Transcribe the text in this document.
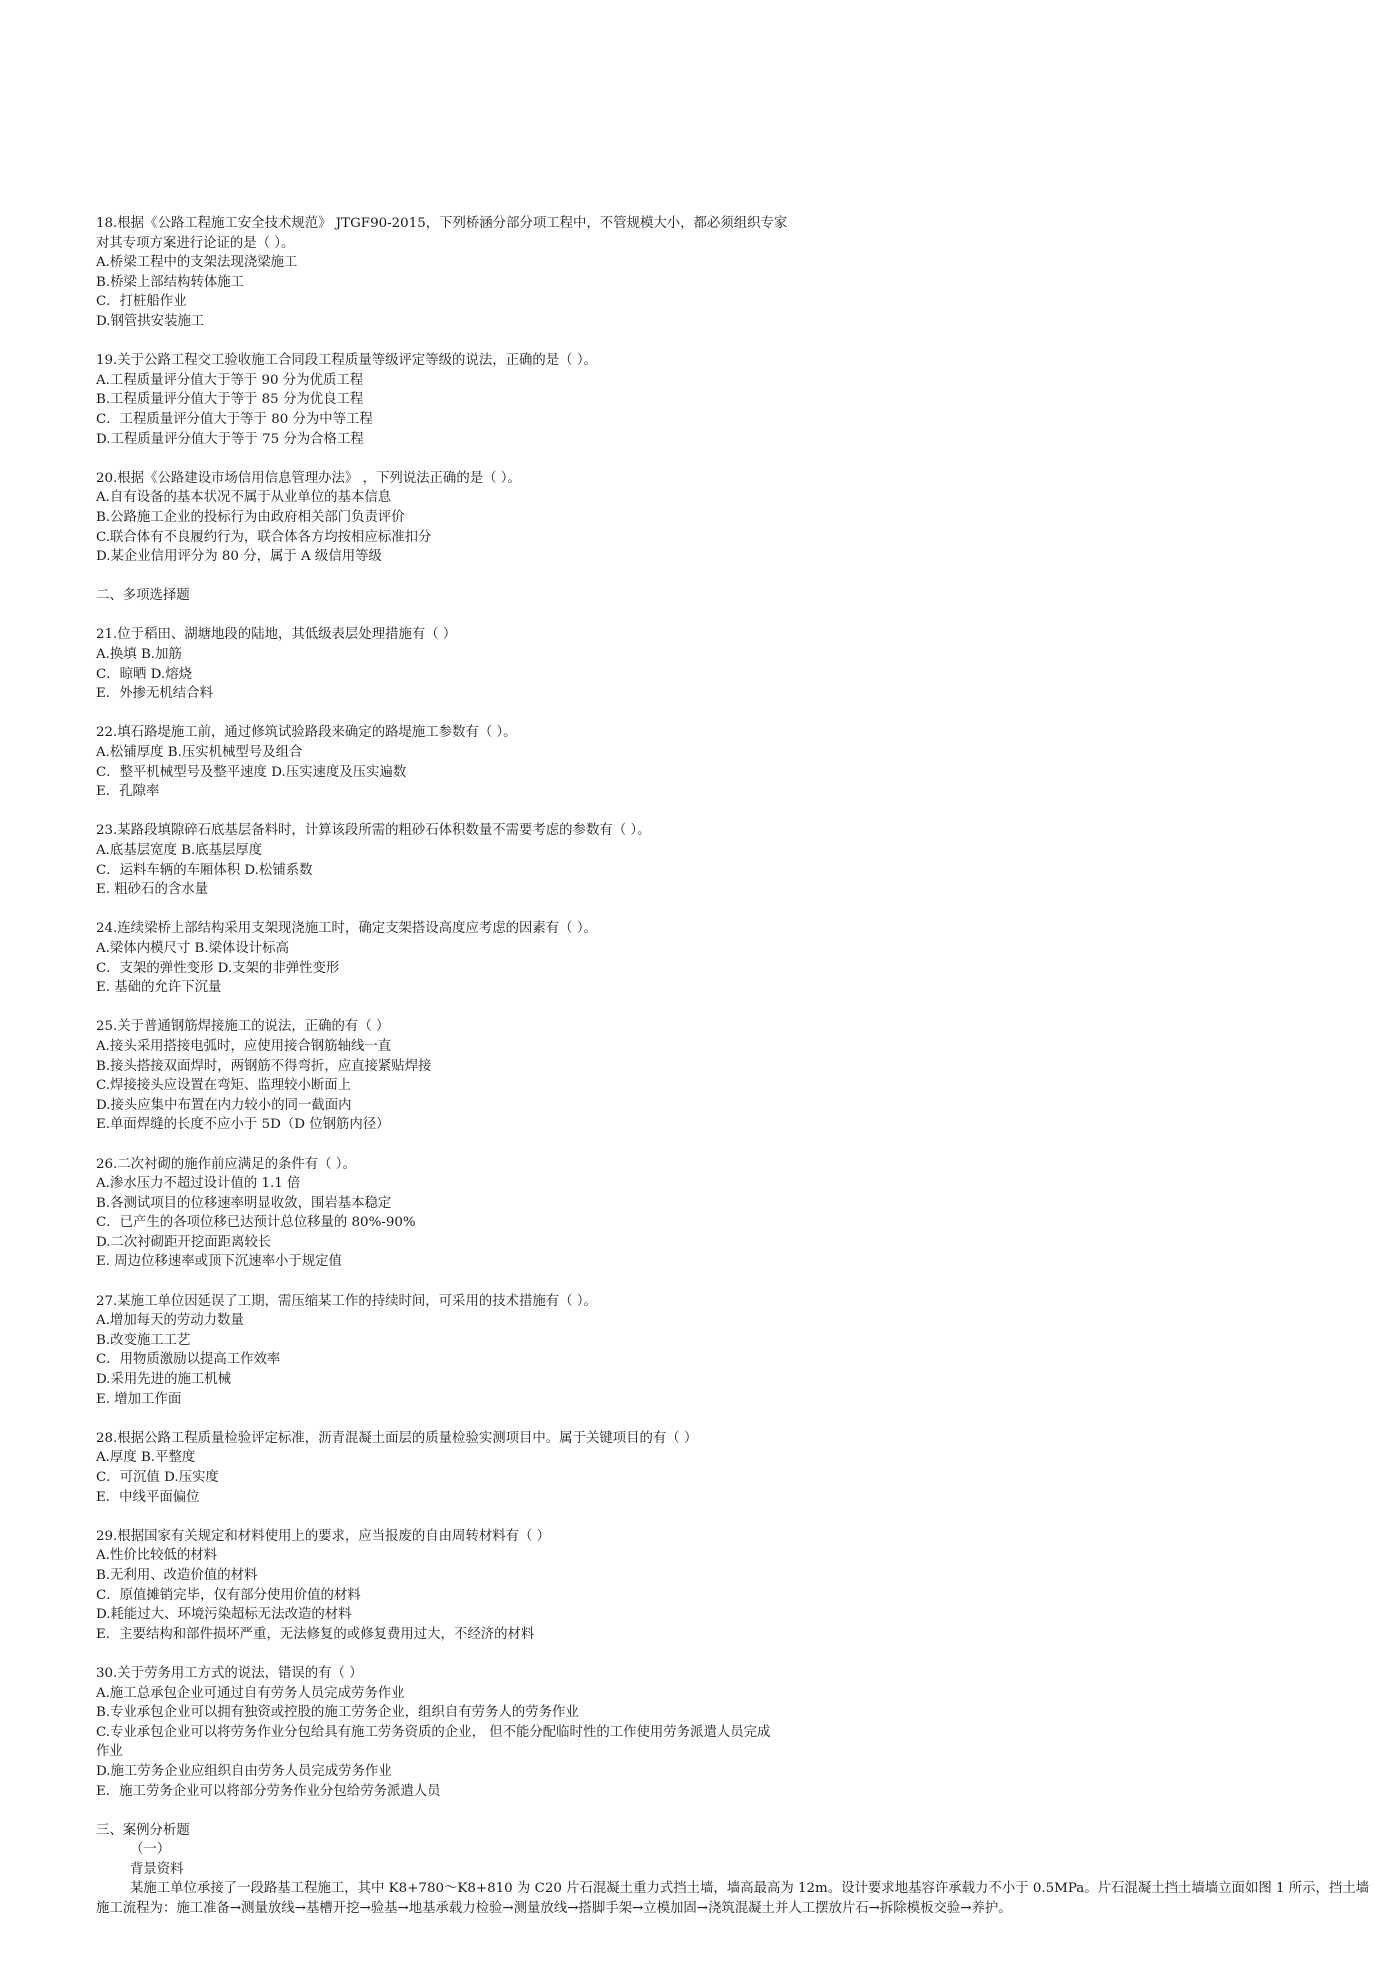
18.根据《公路工程施工安全技术规范》 JTGF90-2015，下列桥涵分部分项工程中，不管规模大小，都必须组织专家
对其专项方案进行论证的是（ ）。
A.桥梁工程中的支架法现浇梁施工
B.桥梁上部结构转体施工
C．打桩船作业
D.钢管拱安装施工
19.关于公路工程交工验收施工合同段工程质量等级评定等级的说法，正确的是（ ）。
A.工程质量评分值大于等于 90 分为优质工程
B.工程质量评分值大于等于 85 分为优良工程
C．工程质量评分值大于等于 80 分为中等工程
D.工程质量评分值大于等于 75 分为合格工程
20.根据《公路建设市场信用信息管理办法》 ，下列说法正确的是（ ）。
A.自有设备的基本状况不属于从业单位的基本信息
B.公路施工企业的投标行为由政府相关部门负责评价
C.联合体有不良履约行为，联合体各方均按相应标准扣分
D.某企业信用评分为 80 分，属于 A 级信用等级
二、多项选择题
21.位于稻田、湖塘地段的陆地，其低级表层处理措施有（ ）
A.换填 B.加筋
C．晾晒 D.熔烧
E．外掺无机结合料
22.填石路堤施工前，通过修筑试验路段来确定的路堤施工参数有（ ）。
A.松铺厚度 B.压实机械型号及组合
C．整平机械型号及整平速度 D.压实速度及压实遍数
E．孔隙率
23.某路段填隙碎石底基层备料时，计算该段所需的粗砂石体积数量不需要考虑的参数有（ ）。
A.底基层宽度 B.底基层厚度
C．运料车辆的车厢体积 D.松铺系数
E. 粗砂石的含水量
24.连续梁桥上部结构采用支架现浇施工时，确定支架搭设高度应考虑的因素有（ ）。
A.梁体内模尺寸 B.梁体设计标高
C．支架的弹性变形 D.支架的非弹性变形
E. 基础的允许下沉量
25.关于普通钢筋焊接施工的说法，正确的有（ ）
A.接头采用搭接电弧时，应使用接合钢筋轴线一直
B.接头搭接双面焊时，两钢筋不得弯折，应直接紧贴焊接
C.焊接接头应设置在弯矩、监理较小断面上
D.接头应集中布置在内力较小的同一截面内
E.单面焊缝的长度不应小于 5D（D 位钢筋内径）
26.二次衬砌的施作前应满足的条件有（ ）。
A.渗水压力不超过设计值的 1.1 倍
B.各测试项目的位移速率明显收敛，围岩基本稳定
C．已产生的各项位移已达预计总位移量的 80%-90%
D.二次衬砌距开挖面距离较长
E. 周边位移速率或顶下沉速率小于规定值
27.某施工单位因延误了工期，需压缩某工作的持续时间，可采用的技术措施有（ ）。
A.增加每天的劳动力数量
B.改变施工工艺
C．用物质激励以提高工作效率
D.采用先进的施工机械
E. 增加工作面
28.根据公路工程质量检验评定标准，沥青混凝土面层的质量检验实测项目中。属于关键项目的有（ ）
A.厚度 B.平整度
C．可沉值 D.压实度
E．中线平面偏位
29.根据国家有关规定和材料使用上的要求，应当报废的自由周转材料有（ ）
A.性价比较低的材料
B.无利用、改造价值的材料
C．原值摊销完毕，仅有部分使用价值的材料
D.耗能过大、环境污染超标无法改造的材料
E．主要结构和部件损坏严重，无法修复的或修复费用过大，不经济的材料
30.关于劳务用工方式的说法，错误的有（ ）
A.施工总承包企业可通过自有劳务人员完成劳务作业
B.专业承包企业可以拥有独资或控股的施工劳务企业，组织自有劳务人的劳务作业
C.专业承包企业可以将劳务作业分包给具有施工劳务资质的企业， 但不能分配临时性的工作使用劳务派遣人员完成
作业
D.施工劳务企业应组织自由劳务人员完成劳务作业
E．施工劳务企业可以将部分劳务作业分包给劳务派遣人员
三、案例分析题
（一）
背景资料
某施工单位承接了一段路基工程施工，其中 K8+780～K8+810 为 C20 片石混凝土重力式挡土墙，墙高最高为 12m。设计要求地基容许承载力不小于 0.5MPa。片石混凝土挡土墙墙立面如图 1 所示，挡土墙施工流程为：施工准备→测量放线→基槽开挖→验基→地基承载力检验→测量放线→搭脚手架→立模加固→浇筑混凝土并人工摆放片石→拆除模板交验→养护。
